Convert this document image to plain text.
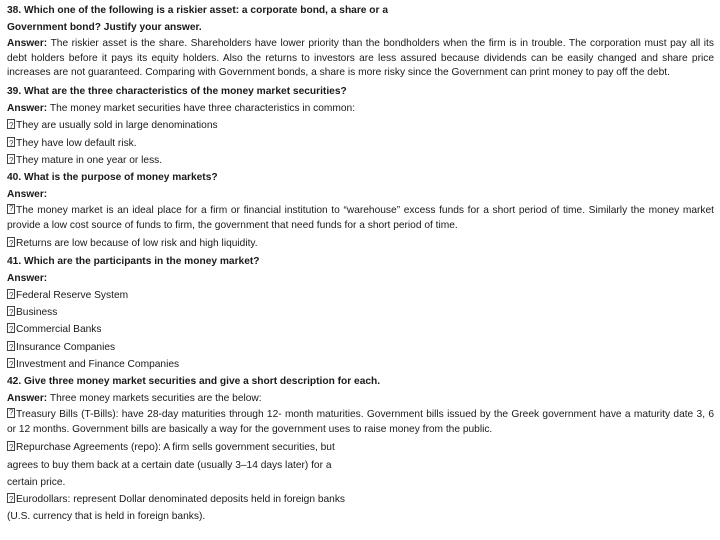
38. Which one of the following is a riskier asset: a corporate bond, a share or a
Government bond? Justify your answer.
Answer: The riskier asset is the share. Shareholders have lower priority than the bondholders when the firm is in trouble. The corporation must pay all its debt holders before it pays its equity holders. Also the returns to investors are less assured because dividends can be easily changed and share price increases are not guaranteed. Comparing with Government bonds, a share is more risky since the Government can print money to pay off the debt.
39. What are the three characteristics of the money market securities?
Answer: The money market securities have three characteristics in common:
?They are usually sold in large denominations
?They have low default risk.
?They mature in one year or less.
40. What is the purpose of money markets?
Answer:
?The money market is an ideal place for a firm or financial institution to “warehouse” excess funds for a short period of time. Similarly the money market provide a low cost source of funds to firm, the government that need funds for a short period of time.
?Returns are low because of low risk and high liquidity.
41. Which are the participants in the money market?
Answer:
?Federal Reserve System
?Business
?Commercial Banks
?Insurance Companies
?Investment and Finance Companies
42. Give three money market securities and give a short description for each.
Answer: Three money markets securities are the below:
?Treasury Bills (T-Bills): have 28-day maturities through 12- month maturities. Government bills issued by the Greek government have a maturity date 3, 6 or 12 months. Government bills are basically a way for the government uses to raise money from the public.
?Repurchase Agreements (repo): A firm sells government securities, but
agrees to buy them back at a certain date (usually 3–14 days later) for a
certain price.
?Eurodollars: represent Dollar denominated deposits held in foreign banks
(U.S. currency that is held in foreign banks).
